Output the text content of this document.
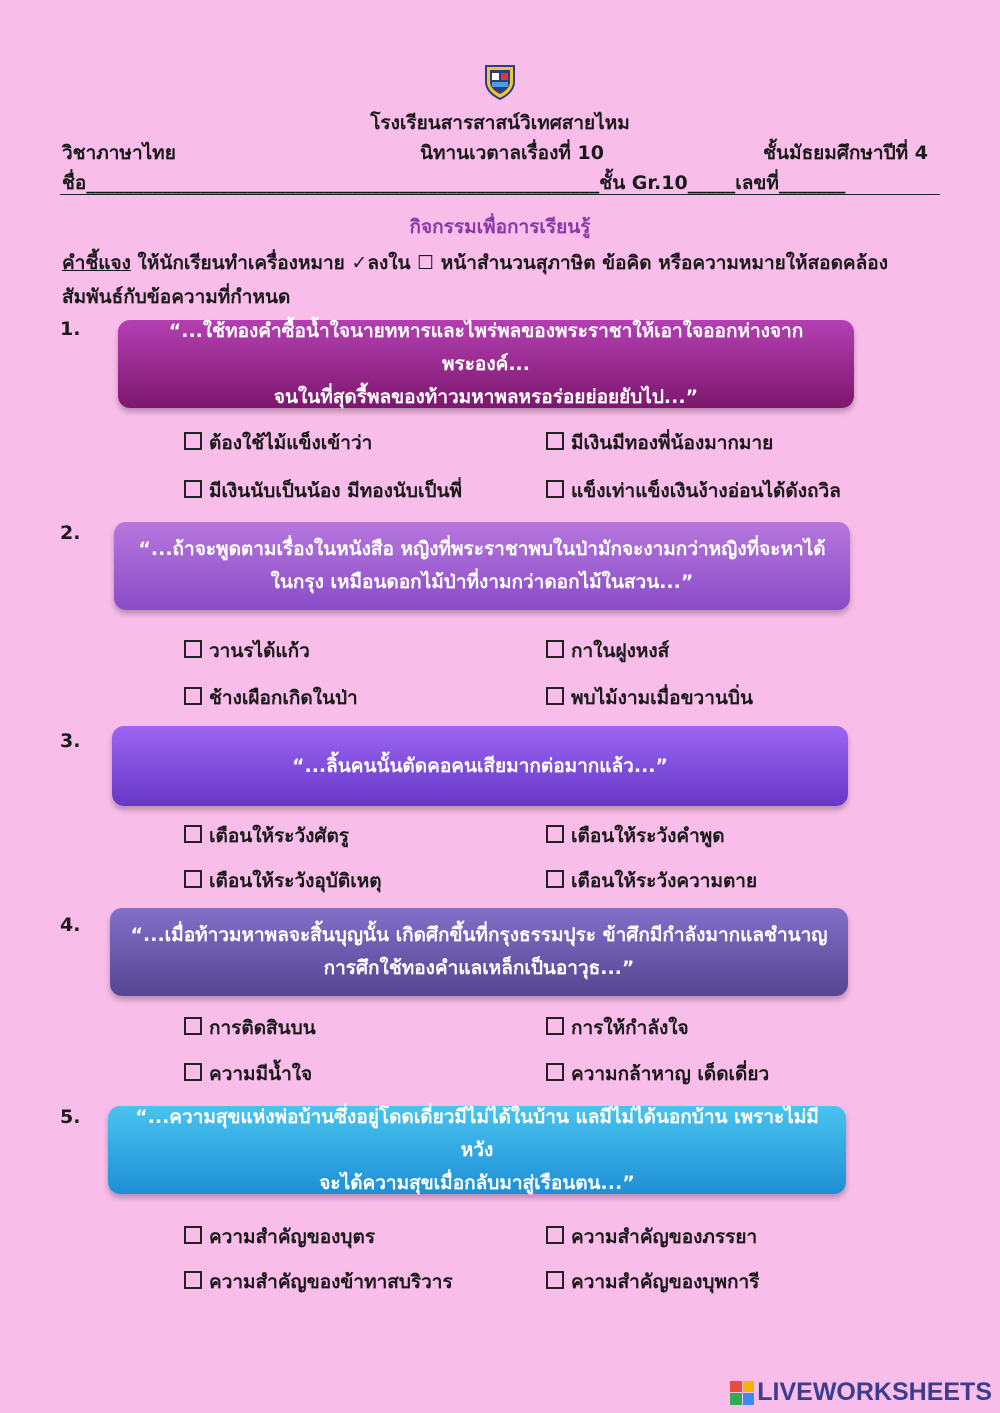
โรงเรียนสารสาสน์วิเทศสายไหม
วิชาภาษาไทย	นิทานเวตาลเรื่องที่ 10	ชั้นมัธยมศึกษาปีที่ 4
ชื่อ______________________________________________________ชั้น Gr.10_____เลขที่_______
กิจกรรมเพื่อการเรียนรู้
คำชี้แจง ให้นักเรียนทำเครื่องหมาย ✓ลงใน ☐ หน้าสำนวนสุภาษิต ข้อคิด หรือความหมายให้สอดคล้องสัมพันธ์กับข้อความที่กำหนด
1.	“...ใช้ทองคำซื้อน้ำใจนายทหารและไพร่พลของพระราชาให้เอาใจออกห่างจากพระองค์...
จนในที่สุดรี้พลของท้าวมหาพลหรอร่อยย่อยยับไป...”
ต้องใช้ไม้แข็งเข้าว่า	มีเงินมีทองพี่น้องมากมาย
มีเงินนับเป็นน้อง มีทองนับเป็นพี่	แข็งเท่าแข็งเงินง้างอ่อนได้ดังถวิล
2.
“...ถ้าจะพูดตามเรื่องในหนังสือ หญิงที่พระราชาพบในป่ามักจะงามกว่าหญิงที่จะหาได้
ในกรุง เหมือนดอกไม้ป่าที่งามกว่าดอกไม้ในสวน...”
วานรได้แก้ว	กาในฝูงหงส์
ช้างเผือกเกิดในป่า	พบไม้งามเมื่อขวานบิ่น
3.
“...ลิ้นคนนั้นตัดคอคนเสียมากต่อมากแล้ว...”
เตือนให้ระวังศัตรู	เตือนให้ระวังคำพูด
เตือนให้ระวังอุบัติเหตุ	เตือนให้ระวังความตาย
4.	“...เมื่อท้าวมหาพลจะสิ้นบุญนั้น เกิดศึกขึ้นที่กรุงธรรมปุระ ข้าศึกมีกำลังมากแลชำนาญ
การศึกใช้ทองคำแลเหล็กเป็นอาวุธ...”
การติดสินบน	การให้กำลังใจ
ความมีน้ำใจ	ความกล้าหาญ เด็ดเดี่ยว
5.	“...ความสุขแห่งพ่อบ้านซึ่งอยู่โดดเดี่ยวมีไม่ได้ในบ้าน แลมีไม่ได้นอกบ้าน เพราะไม่มีหวัง
จะได้ความสุขเมื่อกลับมาสู่เรือนตน...”
ความสำคัญของบุตร	ความสำคัญของภรรยา
ความสำคัญของข้าทาสบริวาร	ความสำคัญของบุพการี
LIVEWORKSHEETS
